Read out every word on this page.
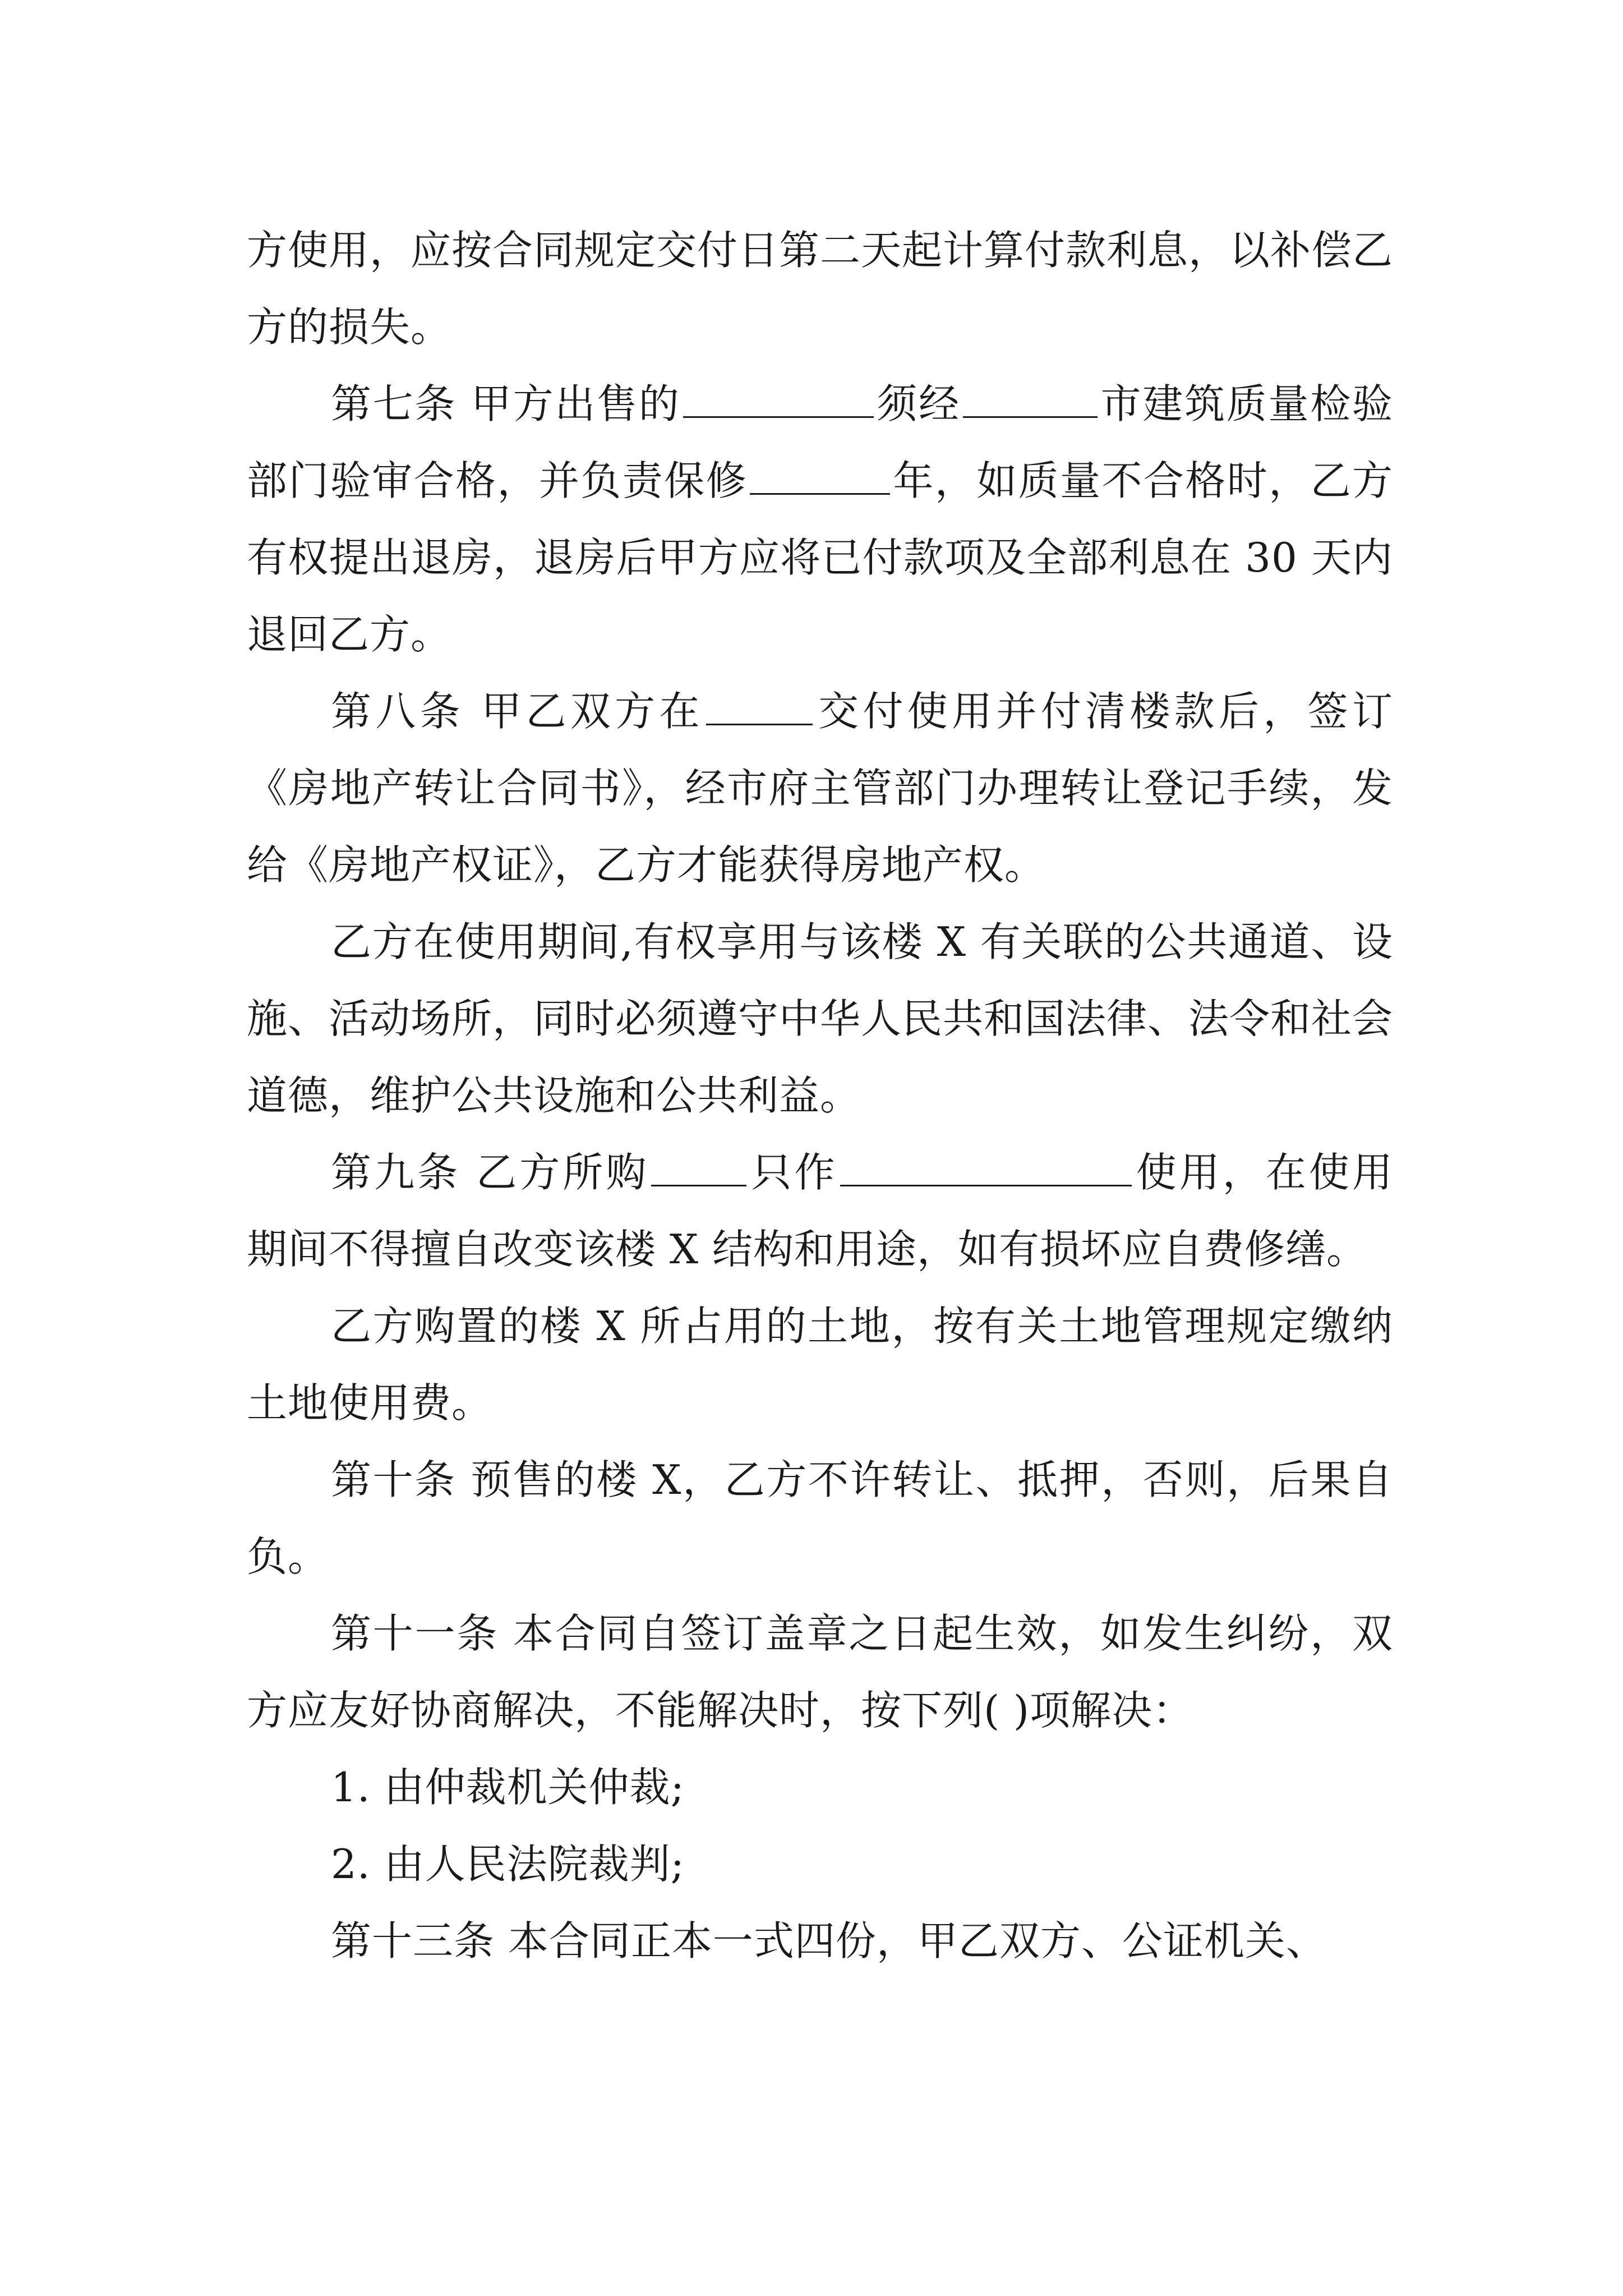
方使用，应按合同规定交付日第二天起计算付款利息，以补偿乙方的损失。

第七条 甲方出售的	须经	市建筑质量检验部门验审合格，并负责保修	年，如质量不合格时，乙方有权提出退房，退房后甲方应将已付款项及全部利息在 30 天内退回乙方。

第八条 甲乙双方在	交付使用并付清楼款后，签订《房地产转让合同书》，经市府主管部门办理转让登记手续，发给《房地产权证》，乙方才能获得房地产权。

乙方在使用期间,有权享用与该楼 X 有关联的公共通道、设施、活动场所，同时必须遵守中华人民共和国法律、法令和社会道德，维护公共设施和公共利益。

第九条 乙方所购 只作	使用，在使用期间不得擅自改变该楼 X 结构和用途，如有损坏应自费修缮。

乙方购置的楼 X 所占用的土地，按有关土地管理规定缴纳土地使用费。

第十条 预售的楼 X，乙方不许转让、抵押，否则，后果自负。

第十一条 本合同自签订盖章之日起生效，如发生纠纷，双方应友好协商解决，不能解决时，按下列( )项解决：

1. 由仲裁机关仲裁;

2. 由人民法院裁判;

第十三条 本合同正本一式四份，甲乙双方、公证机关、
